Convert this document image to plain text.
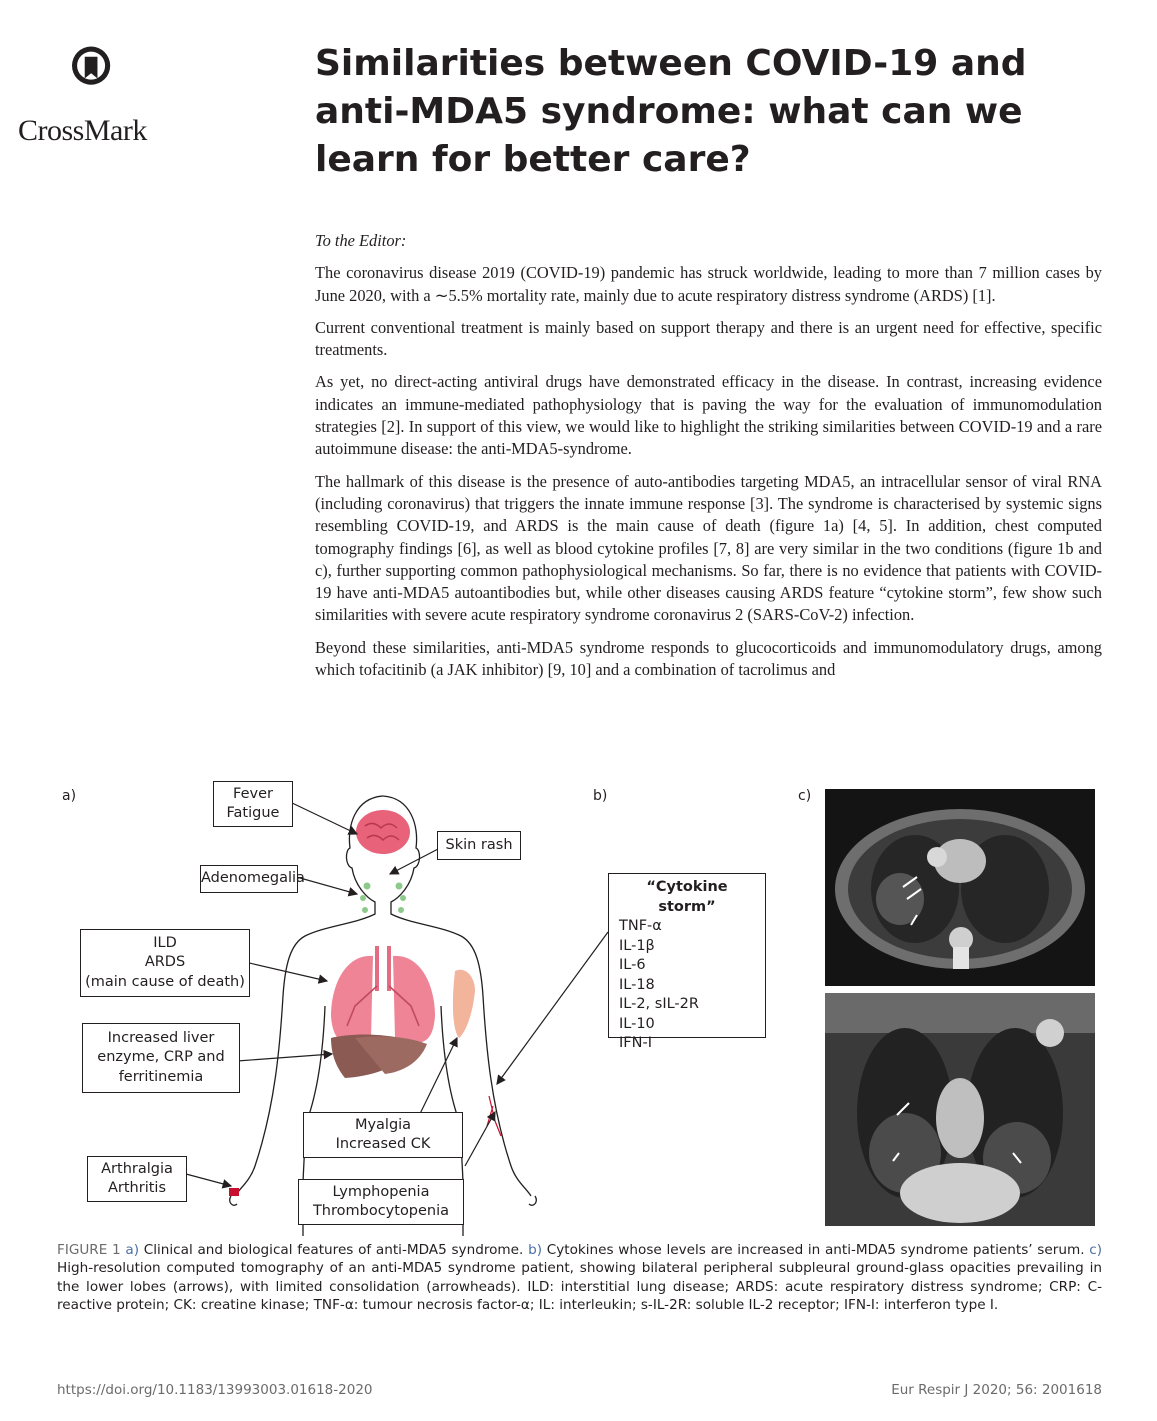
CrossMark
Similarities between COVID-19 and anti-MDA5 syndrome: what can we learn for better care?

To the Editor:

The coronavirus disease 2019 (COVID-19) pandemic has struck worldwide, leading to more than 7 million cases by June 2020, with a ∼5.5% mortality rate, mainly due to acute respiratory distress syndrome (ARDS) [1].

Current conventional treatment is mainly based on support therapy and there is an urgent need for effective, specific treatments.

As yet, no direct-acting antiviral drugs have demonstrated efficacy in the disease. In contrast, increasing evidence indicates an immune-mediated pathophysiology that is paving the way for the evaluation of immunomodulation strategies [2]. In support of this view, we would like to highlight the striking similarities between COVID-19 and a rare autoimmune disease: the anti-MDA5-syndrome.

The hallmark of this disease is the presence of auto-antibodies targeting MDA5, an intracellular sensor of viral RNA (including coronavirus) that triggers the innate immune response [3]. The syndrome is characterised by systemic signs resembling COVID-19, and ARDS is the main cause of death (figure 1a) [4, 5]. In addition, chest computed tomography findings [6], as well as blood cytokine profiles [7, 8] are very similar in the two conditions (figure 1b and c), further supporting common pathophysiological mechanisms. So far, there is no evidence that patients with COVID-19 have anti-MDA5 autoantibodies but, while other diseases causing ARDS feature “cytokine storm”, few show such similarities with severe acute respiratory syndrome coronavirus 2 (SARS-CoV-2) infection.

Beyond these similarities, anti-MDA5 syndrome responds to glucocorticoids and immunomodulatory drugs, among which tofacitinib (a JAK inhibitor) [9, 10] and a combination of tacrolimus and

a)	b)	c)
Fever
Fatigue
Skin rash
Adenomegalia
ILD
ARDS
(main cause of death)
Increased liver
enzyme, CRP and
ferritinemia
Myalgia
Increased CK
Arthralgia
Arthritis	Lymphopenia
Thrombocytopenia
“Cytokine storm”
TNF-α
IL-1β
IL-6
IL-18
IL-2, sIL-2R
IL-10
IFN-I
FIGURE 1 a) Clinical and biological features of anti-MDA5 syndrome. b) Cytokines whose levels are increased in anti-MDA5 syndrome patients’ serum. c) High-resolution computed tomography of an anti-MDA5 syndrome patient, showing bilateral peripheral subpleural ground-glass opacities prevailing in the lower lobes (arrows), with limited consolidation (arrowheads). ILD: interstitial lung disease; ARDS: acute respiratory distress syndrome; CRP: C-reactive protein; CK: creatine kinase; TNF-α: tumour necrosis factor-α; IL: interleukin; s-IL-2R: soluble IL-2 receptor; IFN-I: interferon type I.
https://doi.org/10.1183/13993003.01618-2020	Eur Respir J 2020; 56: 2001618
